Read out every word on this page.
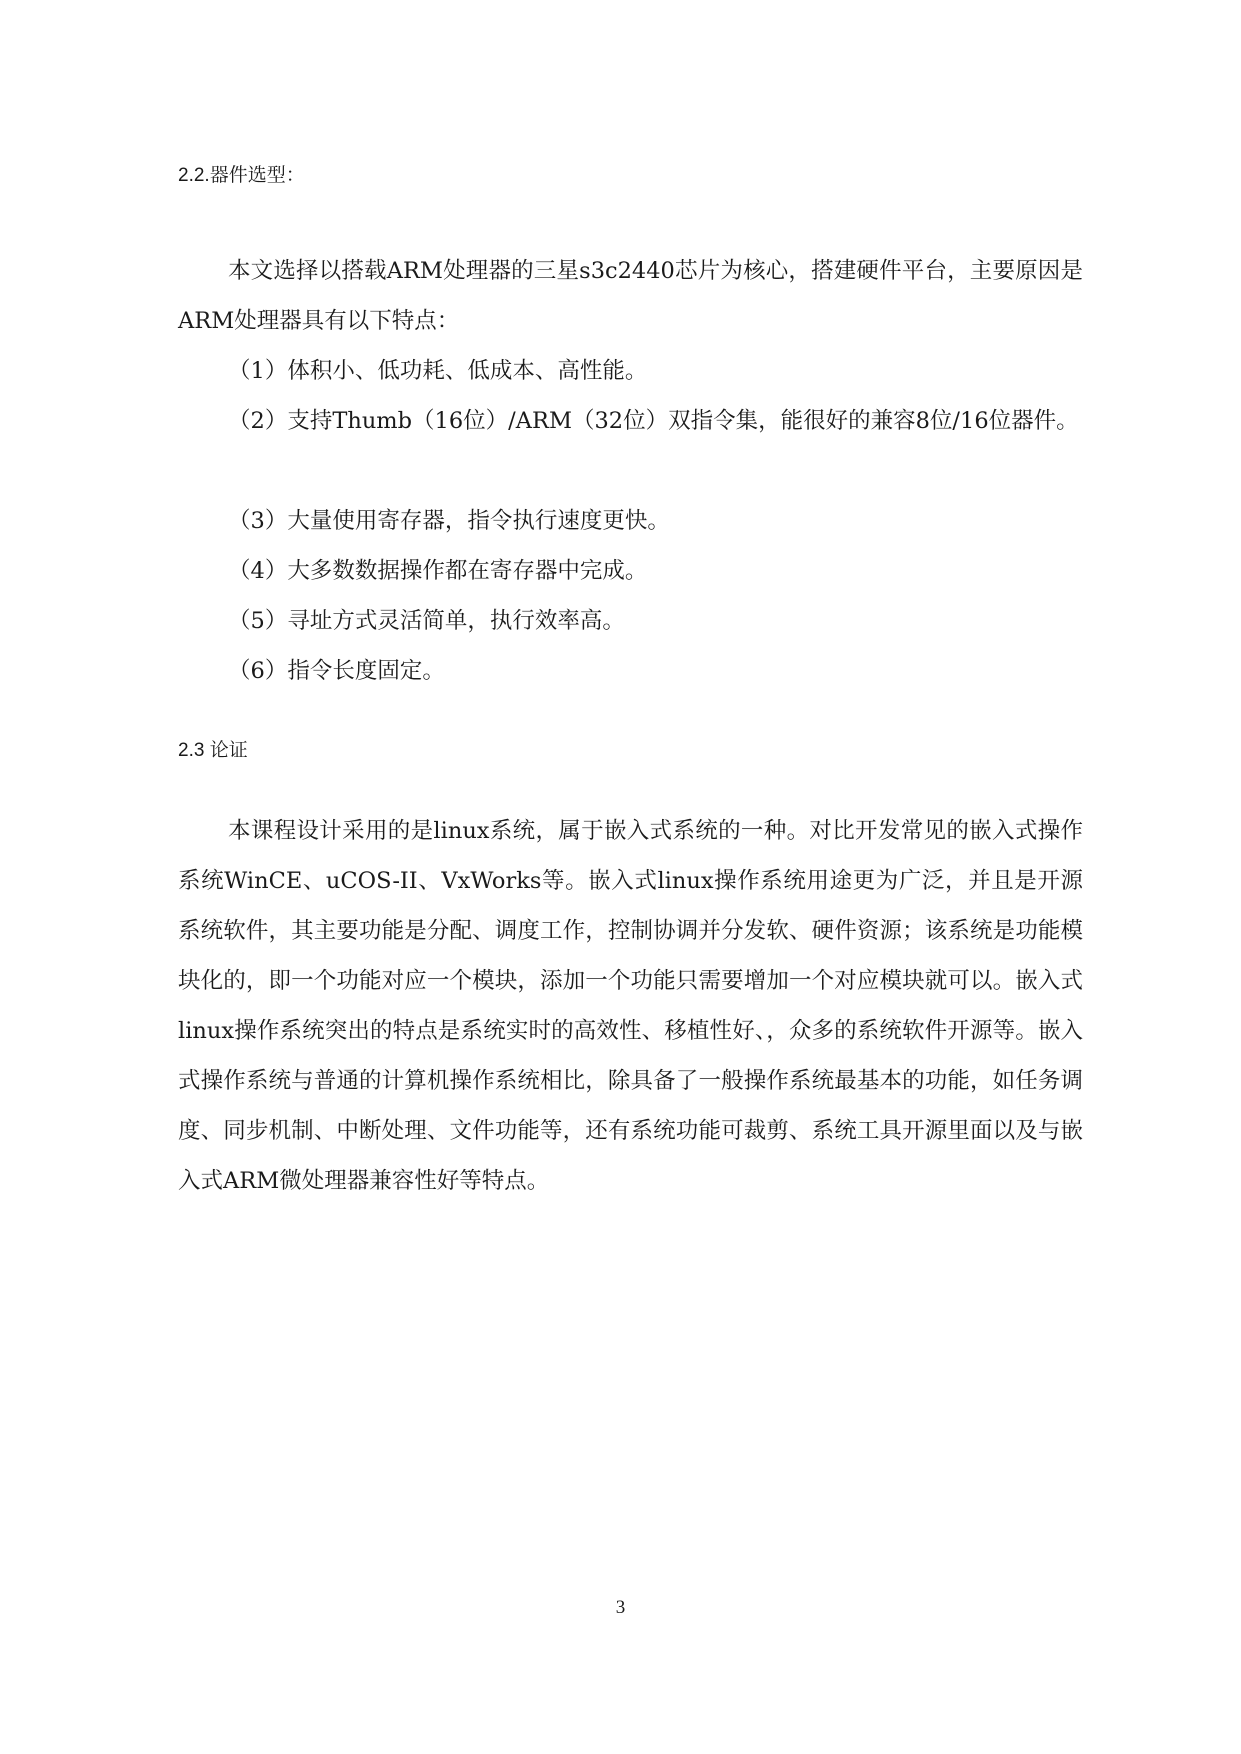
2.2.器件选型：

本文选择以搭载ARM处理器的三星s3c2440芯片为核心，搭建硬件平台，主要原因是ARM处理器具有以下特点：

（1）体积小、低功耗、低成本、高性能。

（2）支持Thumb（16位）/ARM（32位）双指令集，能很好的兼容8位/16位器件。

（3）大量使用寄存器，指令执行速度更快。

（4）大多数数据操作都在寄存器中完成。

（5）寻址方式灵活简单，执行效率高。

（6）指令长度固定。

2.3 论证

本课程设计采用的是linux系统，属于嵌入式系统的一种。对比开发常见的嵌入式操作系统WinCE、uCOS-II、VxWorks等。嵌入式linux操作系统用途更为广泛，并且是开源系统软件，其主要功能是分配、调度工作，控制协调并分发软、硬件资源；该系统是功能模块化的，即一个功能对应一个模块，添加一个功能只需要增加一个对应模块就可以。嵌入式linux操作系统突出的特点是系统实时的高效性、移植性好、，众多的系统软件开源等。嵌入式操作系统与普通的计算机操作系统相比，除具备了一般操作系统最基本的功能，如任务调度、同步机制、中断处理、文件功能等，还有系统功能可裁剪、系统工具开源里面以及与嵌入式ARM微处理器兼容性好等特点。

3
